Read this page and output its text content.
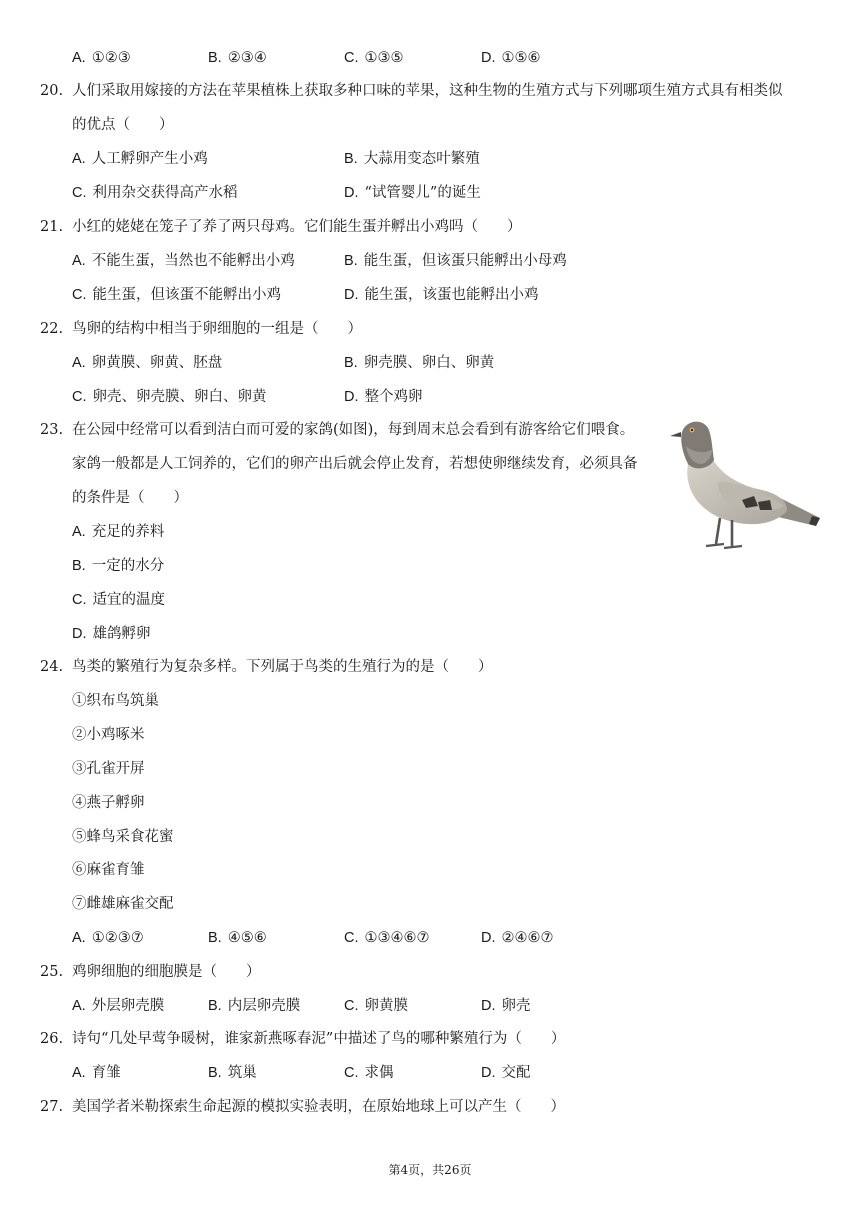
A. ①②③	B. ②③④	C. ①③⑤	D. ①⑤⑥
20. 人们采取用嫁接的方法在苹果植株上获取多种口味的苹果，这种生物的生殖方式与下列哪项生殖方式具有相类似
的优点（　　）
A. 人工孵卵产生小鸡	B. 大蒜用变态叶繁殖
C. 利用杂交获得高产水稻	D. “试管婴儿”的诞生
21. 小红的姥姥在笼子了养了两只母鸡。它们能生蛋并孵出小鸡吗（　　）
A. 不能生蛋，当然也不能孵出小鸡	B. 能生蛋，但该蛋只能孵出小母鸡
C. 能生蛋，但该蛋不能孵出小鸡	D. 能生蛋，该蛋也能孵出小鸡
22. 鸟卵的结构中相当于卵细胞的一组是（　　）
A. 卵黄膜、卵黄、胚盘	B. 卵壳膜、卵白、卵黄
C. 卵壳、卵壳膜、卵白、卵黄	D. 整个鸡卵
23. 在公园中经常可以看到洁白而可爱的家鸽(如图)，每到周末总会看到有游客给它们喂食。
家鸽一般都是人工饲养的，它们的卵产出后就会停止发育，若想使卵继续发育，必须具备
的条件是（　　）
A. 充足的养料
B. 一定的水分
C. 适宜的温度
D. 雄鸽孵卵
24. 鸟类的繁殖行为复杂多样。下列属于鸟类的生殖行为的是（　　）
①织布鸟筑巢
②小鸡啄米
③孔雀开屏
④燕子孵卵
⑤蜂鸟采食花蜜
⑥麻雀育雏
⑦雌雄麻雀交配
A. ①②③⑦	B. ④⑤⑥	C. ①③④⑥⑦	D. ②④⑥⑦
25. 鸡卵细胞的细胞膜是（　　）
A. 外层卵壳膜	B. 内层卵壳膜	C. 卵黄膜	D. 卵壳
26. 诗句“几处早莺争暖树，谁家新燕啄春泥”中描述了鸟的哪种繁殖行为（　　）
A. 育雏	B. 筑巢	C. 求偶	D. 交配
27. 美国学者米勒探索生命起源的模拟实验表明，在原始地球上可以产生（　　）
第4页，共26页
